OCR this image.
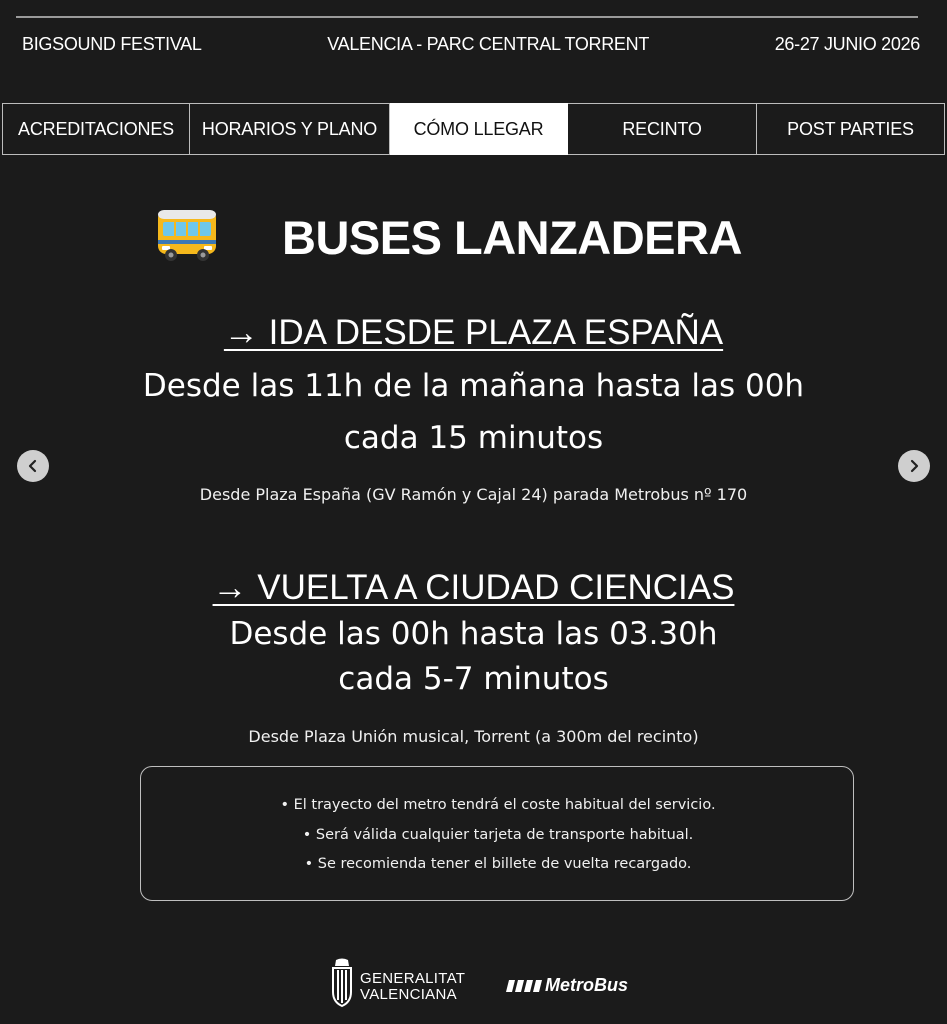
BIGSOUND FESTIVAL	VALENCIA - PARC CENTRAL TORRENT	26-27 JUNIO 2026
ACREDITACIONES	HORARIOS Y PLANO	CÓMO LLEGAR	RECINTO	POST PARTIES
BUSES LANZADERA
→ IDA DESDE PLAZA ESPAÑA
Desde las 11h de la mañana hasta las 00h
cada 15 minutos
Desde Plaza España (GV Ramón y Cajal 24) parada Metrobus nº 170
→ VUELTA A CIUDAD CIENCIAS
Desde las 00h hasta las 03.30h
cada 5-7 minutos
Desde Plaza Unión musical, Torrent (a 300m del recinto)
• El trayecto del metro tendrá el coste habitual del servicio.
• Será válida cualquier tarjeta de transporte habitual.
• Se recomienda tener el billete de vuelta recargado.
GENERALITAT
VALENCIANA	MetroBus
